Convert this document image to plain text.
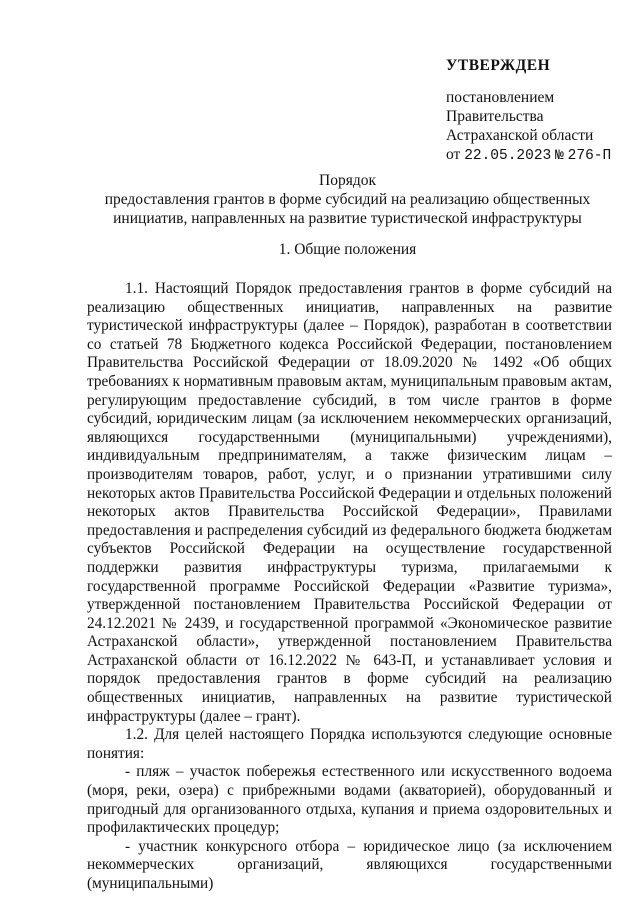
УТВЕРЖДЕН
постановлением
Правительства
Астраханской области
от 22.05.2023 № 276-П
Порядок
предоставления грантов в форме субсидий на реализацию общественных
инициатив, направленных на развитие туристической инфраструктуры
1. Общие положения

1.1. Настоящий Порядок предоставления грантов в форме субсидий на реализацию общественных инициатив, направленных на развитие туристической инфраструктуры (далее – Порядок), разработан в соответствии со статьей 78 Бюджетного кодекса Российской Федерации, постановлением Правительства Российской Федерации от 18.09.2020 № 1492 «Об общих требованиях к нормативным правовым актам, муниципальным правовым актам, регулирующим предоставление субсидий, в том числе грантов в форме субсидий, юридическим лицам (за исключением некоммерческих организаций, являющихся государственными (муниципальными) учреждениями), индивидуальным предпринимателям, а также физическим лицам – производителям товаров, работ, услуг, и о признании утратившими силу некоторых актов Правительства Российской Федерации и отдельных положений некоторых актов Правительства Российской Федерации», Правилами предоставления и распределения субсидий из федерального бюджета бюджетам субъектов Российской Федерации на осуществление государственной поддержки развития инфраструктуры туризма, прилагаемыми к государственной программе Российской Федерации «Развитие туризма», утвержденной постановлением Правительства Российской Федерации от 24.12.2021 № 2439, и государственной программой «Экономическое развитие Астраханской области», утвержденной постановлением Правительства Астраханской области от 16.12.2022 № 643-П, и устанавливает условия и порядок предоставления грантов в форме субсидий на реализацию общественных инициатив, направленных на развитие туристической инфраструктуры (далее – грант).

1.2. Для целей настоящего Порядка используются следующие основные понятия:

- пляж – участок побережья естественного или искусственного водоема (моря, реки, озера) с прибрежными водами (акваторией), оборудованный и пригодный для организованного отдыха, купания и приема оздоровительных и профилактических процедур;

- участник конкурсного отбора – юридическое лицо (за исключением некоммерческих организаций, являющихся государственными (муниципальными)
